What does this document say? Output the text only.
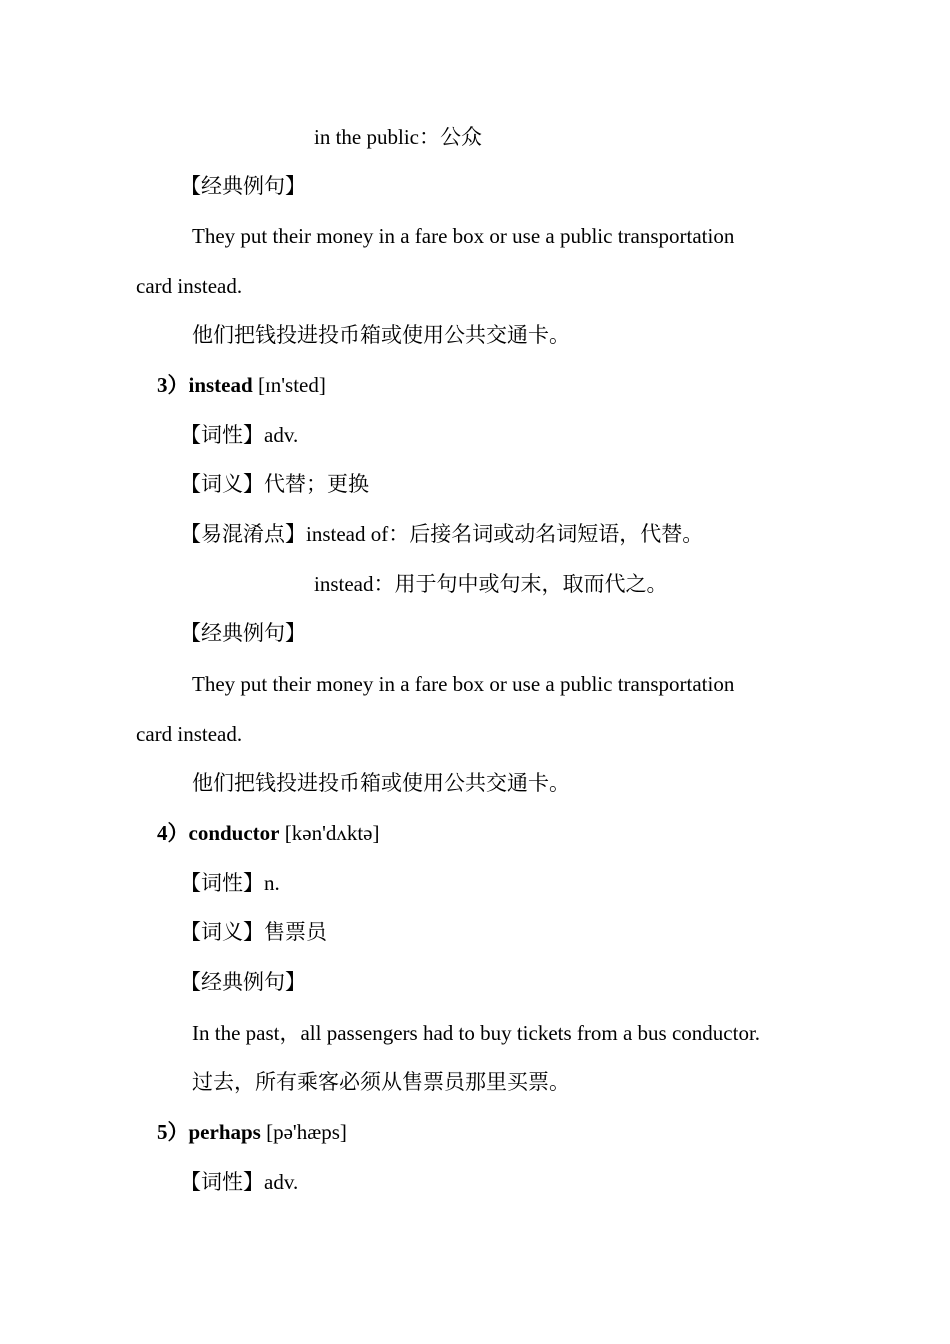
in the public：公众
【经典例句】
They put their money in a fare box or use a public transportation
card instead.
他们把钱投进投币箱或使用公共交通卡。
3）instead [ɪn'sted]
【词性】adv.
【词义】代替；更换
【易混淆点】instead of：后接名词或动名词短语，代替。
instead：用于句中或句末，取而代之。
【经典例句】
They put their money in a fare box or use a public transportation
card instead.
他们把钱投进投币箱或使用公共交通卡。
4）conductor [kən'dʌktə]
【词性】n.
【词义】售票员
【经典例句】
In the past，all passengers had to buy tickets from a bus conductor.
过去，所有乘客必须从售票员那里买票。
5）perhaps [pə'hæps]
【词性】adv.
